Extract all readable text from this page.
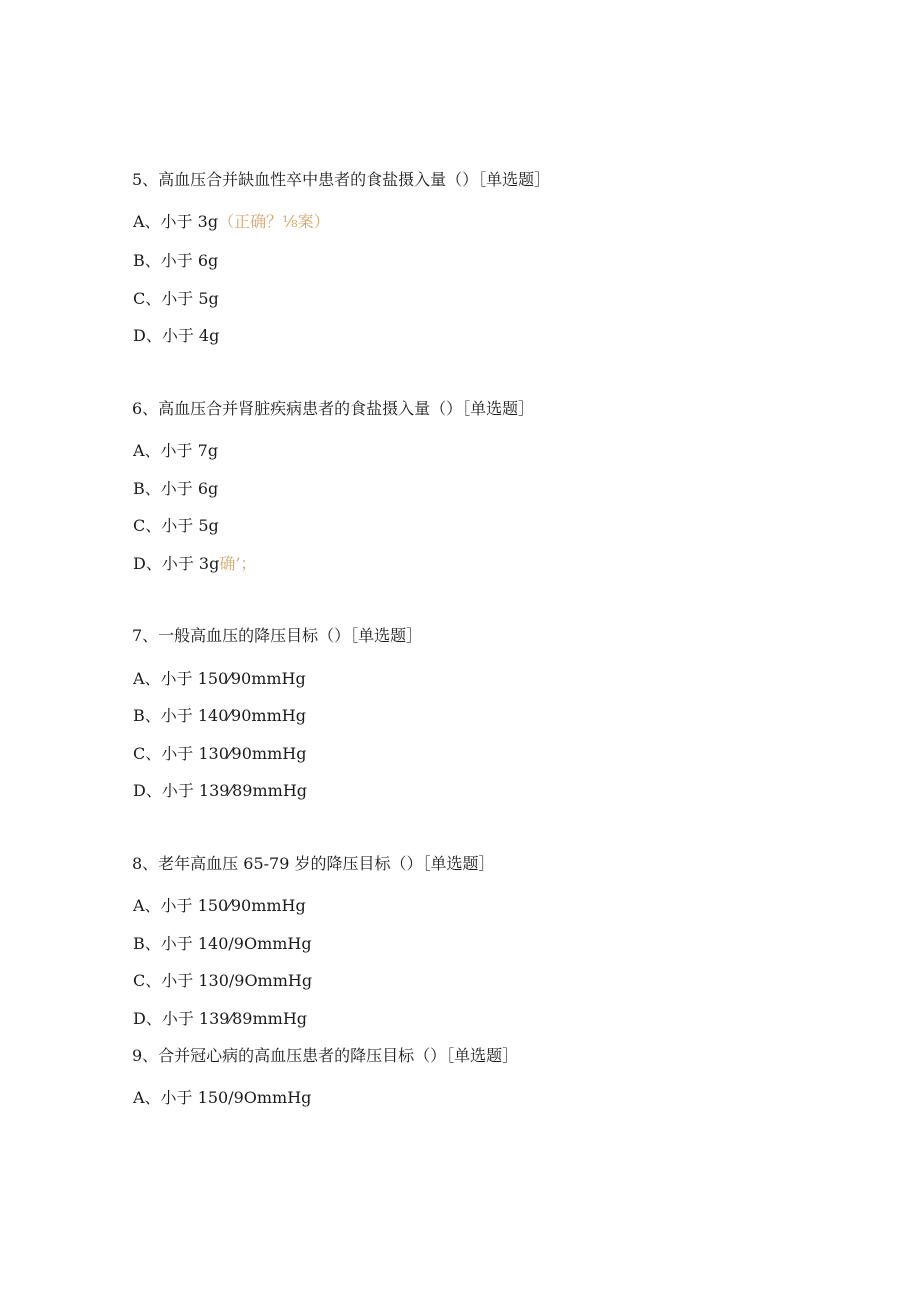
5、高血压合并缺血性卒中患者的食盐摄入量（）［单选题］
A、小于 3g（正确？⅛案）
B、小于 6g
C、小于 5g
D、小于 4g
6、高血压合并肾脏疾病患者的食盐摄入量（）［单选题］
A、小于 7g
B、小于 6g
C、小于 5g
D、小于 3g确’；
7、一般高血压的降压目标（）［单选题］
A、小于 150⁄90mmHg
B、小于 140⁄90mmHg
C、小于 130⁄90mmHg
D、小于 139⁄89mmHg
8、老年高血压 65-79 岁的降压目标（）［单选题］
A、小于 150⁄90mmHg
B、小于 140/9OmmHg
C、小于 130/9OmmHg
D、小于 139⁄89mmHg
9、合并冠心病的高血压患者的降压目标（）［单选题］
A、小于 150/9OmmHg
